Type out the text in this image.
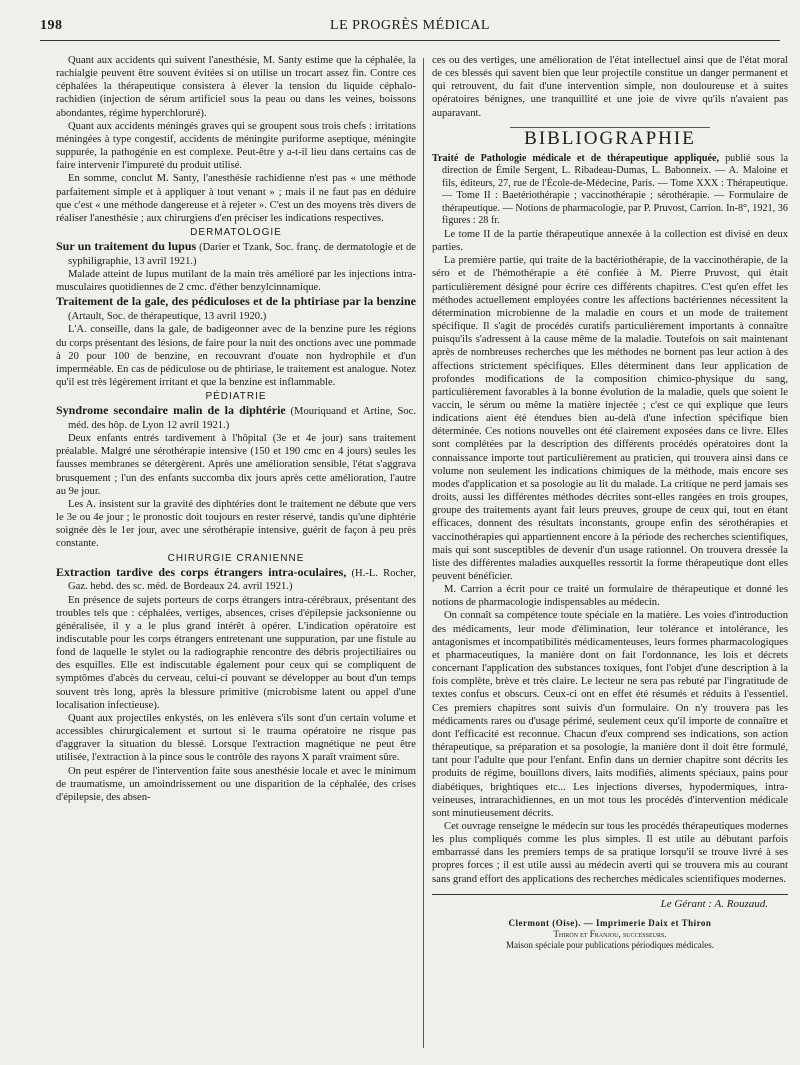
198	LE PROGRÈS MÉDICAL

Quant aux accidents qui suivent l'anesthésie, M. Santy estime que la céphalée, la rachialgie peuvent être souvent évitées si on utilise un trocart assez fin. Contre ces céphalées la thérapeutique consistera à élever la tension du liquide céphalo-rachidien (injection de sérum artificiel sous la peau ou dans les veines, boissons abondantes, régime hyperchloruré).

Quant aux accidents méningés graves qui se groupent sous trois chefs : irritations méningées à type congestif, accidents de méningite puriforme aseptique, méningite suppurée, la pathogénie en est complexe. Peut-être y a-t-il lieu dans certains cas de faire intervenir l'impureté du produit utilisé.

En somme, conclut M. Santy, l'anesthésie rachidienne n'est pas « une méthode parfaitement simple et à appliquer à tout venant » ; mais il ne faut pas en déduire que c'est « une méthode dangereuse et à rejeter ». C'est un des moyens très divers de réaliser l'anesthésie ; aux chirurgiens d'en préciser les indications respectives.

DERMATOLOGIE

Sur un traitement du lupus (Darier et Tzank, Soc. franç. de dermatologie et de syphiligraphie, 13 avril 1921.)

Malade atteint de lupus mutilant de la main très amélioré par les injections intra-musculaires quotidiennes de 2 cmc. d'éther benzylcinnamique.

Traitement de la gale, des pédiculoses et de la phtiriase par la benzine (Artault, Soc. de thérapeutique, 13 avril 1920.)

L'A. conseille, dans la gale, de badigeonner avec de la benzine pure les régions du corps présentant des lésions, de faire pour la nuit des onctions avec une pommade à 20 pour 100 de benzine, en recouvrant d'ouate non hydrophile et d'un imperméable. En cas de pédiculose ou de phtiriase, le traitement est analogue. Notez qu'il est très légèrement irritant et que la benzine est inflammable.

PÉDIATRIE

Syndrome secondaire malin de la diphtérie (Mouriquand et Artine, Soc. méd. des hôp. de Lyon 12 avril 1921.)

Deux enfants entrés tardivement à l'hôpital (3e et 4e jour) sans traitement préalable. Malgré une sérothérapie intensive (150 et 190 cmc en 4 jours) seules les fausses membranes se détergèrent. Après une amélioration sensible, l'état s'aggrava brusquement ; l'un des enfants succomba dix jours après cette amélioration, l'autre au 9e jour.

Les A. insistent sur la gravité des diphtéries dont le traitement ne débute que vers le 3e ou 4e jour ; le pronostic doit toujours en rester réservé, tandis qu'une diphtérie soignée dès le 1er jour, avec une sérothérapie intensive, guérit de façon à peu près constante.

CHIRURGIE CRANIENNE

Extraction tardive des corps étrangers intra-oculaires, (H.-L. Rocher, Gaz. hebd. des sc. méd. de Bordeaux 24. avril 1921.)

En présence de sujets porteurs de corps étrangers intra-cérébraux, présentant des troubles tels que : céphalées, vertiges, absences, crises d'épilepsie jacksonienne ou généralisée, il y a le plus grand intérêt à opérer. L'indication opératoire est indiscutable pour les corps étrangers entretenant une suppuration, par une fistule au fond de laquelle le stylet ou la radiographie rencontre des débris projectiliaires ou des esquilles. Elle est indiscutable également pour ceux qui se compliquent de symptômes d'abcès du cerveau, celui-ci pouvant se développer au bout d'un temps souvent très long, après la blessure primitive (microbisme latent ou appel d'une localisation infectieuse).

Quant aux projectiles enkystés, on les enlèvera s'ils sont d'un certain volume et accessibles chirurgicalement et surtout si le trauma opératoire ne risque pas d'aggraver la situation du blessé. Lorsque l'extraction magnétique ne peut être utilisée, l'extraction à la pince sous le contrôle des rayons X paraît vraiment sûre.

On peut espérer de l'intervention faite sous anesthésie locale et avec le minimum de traumatisme, un amoindrissement ou une disparition de la céphalée, des crises d'épilepsie, des absen-

ces ou des vertiges, une amélioration de l'état intellectuel ainsi que de l'état moral de ces blessés qui savent bien que leur projectile constitue un danger permanent et qui retrouvent, du fait d'une intervention simple, non douloureuse et à suites opératoires bénignes, une tranquillité et une joie de vivre qu'ils n'avaient pas auparavant.

BIBLIOGRAPHIE

Traité de Pathologie médicale et de thérapeutique appliquée, publié sous la direction de Émile Sergent, L. Ribadeau-Dumas, L. Babonneix. — A. Maloine et fils, éditeurs, 27, rue de l'École-de-Médecine, Paris. — Tome XXX : Thérapeutique. — Tome II : Baetériothérapie ; vaccinothérapie ; sérothérapie. — Formulaire de thérapeutique. — Notions de pharmacologie, par P. Pruvost, Carrion. In-8°, 1921, 36 figures : 28 fr.

Le tome II de la partie thérapeutique annexée à la collection est divisé en deux parties.

La première partie, qui traite de la bactériothérapie, de la vaccinothérapie, de la séro et de l'hémothérapie a été confiée à M. Pierre Pruvost, qui était particulièrement désigné pour écrire ces différents chapitres. C'est qu'en effet les méthodes actuellement employées contre les affections bactériennes nécessitent la détermination microbienne de la maladie en cours et un mode de traitement spécifique. Il s'agit de procédés curatifs particulièrement importants à connaître puisqu'ils s'adressent à la cause même de la maladie. Toutefois on sait maintenant après de nombreuses recherches que les méthodes ne bornent pas leur action à des affections strictement spécifiques. Elles déterminent dans leur application de profondes modifications de la composition chimico-physique du sang, particulièrement favorables à la bonne évolution de la maladie, quels que soient le vaccin, le sérum ou même la matière injectée ; c'est ce qui explique que leurs indications aient été étendues bien au-delà d'une infection spécifique bien déterminée. Ces notions nouvelles ont été clairement exposées dans ce livre. Elles sont complétées par la description des différents procédés opératoires dont la connaissance importe tout particulièrement au praticien, qui trouvera ainsi dans ce volume non seulement les indications chimiques de la méthode, mais encore ses modes d'application et sa posologie au lit du malade. La critique ne perd jamais ses droits, aussi les différentes méthodes décrites sont-elles rangées en trois groupes, groupe des traitements ayant fait leurs preuves, groupe de ceux qui, tout en étant efficaces, donnent des résultats inconstants, groupe enfin des sérothérapies et vaccinothérapies qui appartiennent encore à la période des recherches scientifiques, mais qui sont susceptibles de devenir d'un usage rationnel. On trouvera dressée la liste des différentes maladies auxquelles ressortit la forme thérapeutique dont elles peuvent bénéficier.

M. Carrion a écrit pour ce traité un formulaire de thérapeutique et donné les notions de pharmacologie indispensables au médecin.

On connaît sa compétence toute spéciale en la matière. Les voies d'introduction des médicaments, leur mode d'élimination, leur tolérance et intolérance, les antagonismes et incompatibilités médicamenteuses, leurs formes pharmacologiques et pharmaceutiques, la manière dont on fait l'ordonnance, les lois et décrets concernant l'application des substances toxiques, font l'objet d'une description à la fois complète, brève et très claire. Le lecteur ne sera pas rebuté par l'ingratitude de textes confus et obscurs. Ceux-ci ont en effet été résumés et réduits à l'essentiel. Ces premiers chapitres sont suivis d'un formulaire. On n'y trouvera pas les médicaments rares ou d'usage périmé, seulement ceux qu'il importe de connaître et dont l'efficacité est reconnue. Chacun d'eux comprend ses indications, son action thérapeutique, sa préparation et sa posologie, la manière dont il doit être formulé, tant pour l'adulte que pour l'enfant. Enfin dans un dernier chapitre sont décrits les produits de régime, bouillons divers, laits modifiés, aliments spéciaux, pains pour diabétiques, brightiques etc... Les injections diverses, hypodermiques, intra-veineuses, intrarachidiennes, en un mot tous les procédés d'intervention médicale sont minutieusement décrits.

Cet ouvrage renseigne le médecin sur tous les procédés thérapeutiques modernes les plus compliqués comme les plus simples. Il est utile au débutant parfois embarrassé dans les premiers temps de sa pratique lorsqu'il se trouve livré à ses propres forces ; il est utile aussi au médecin averti qui se trouvera mis au courant sans grand effort des applications des recherches médicales scientifiques modernes.

Le Gérant : A. Rouzaud.
Clermont (Oise). — Imprimerie Daix et Thiron
Thiron et Franjou, successeurs.
Maison spéciale pour publications périodiques médicales.
